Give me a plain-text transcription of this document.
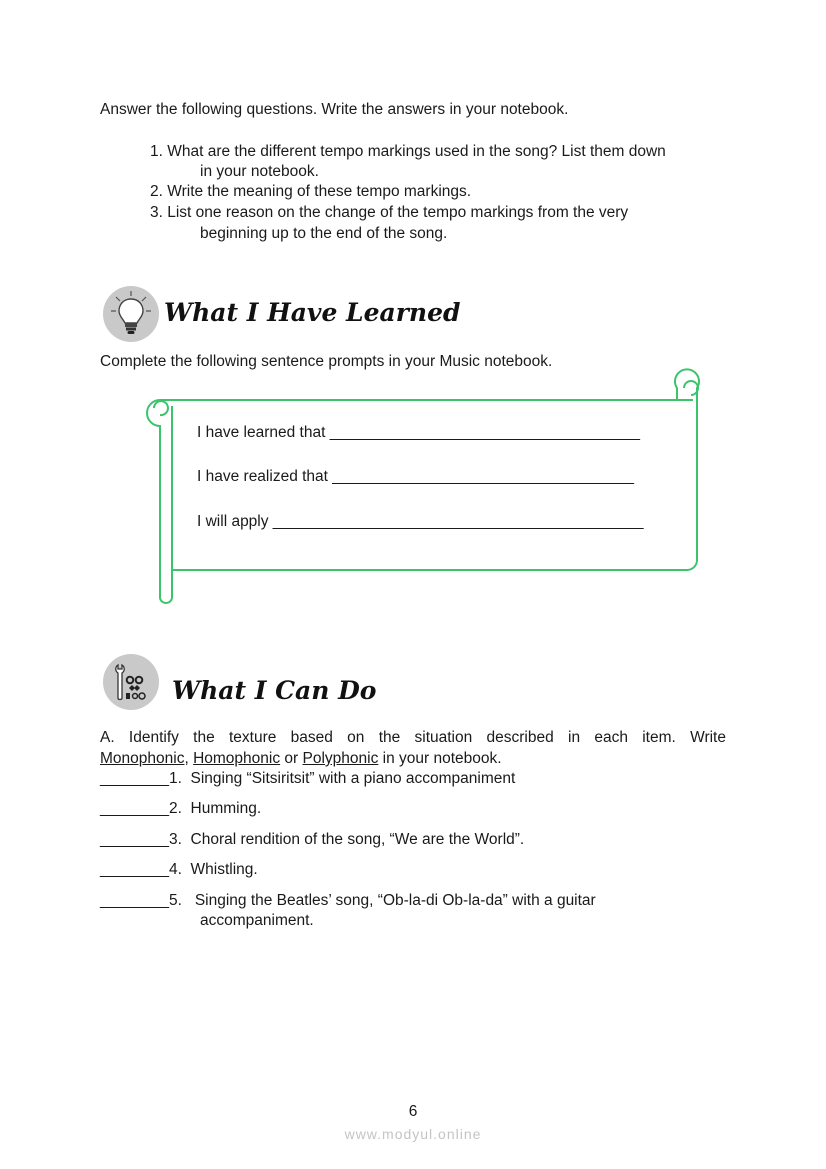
Answer the following questions. Write the answers in your notebook.
1. What are the different tempo markings used in the song? List them down
in your notebook.
2. Write the meaning of these tempo markings.
3. List one reason on the change of the tempo markings from the very
beginning up to the end of the song.
What I Have Learned
Complete the following sentence prompts in your Music notebook.
I have learned that ____________________________________
I have realized that ___________________________________
I will apply ___________________________________________
What I Can Do
A. Identify the texture based on the situation described in each item. Write
Monophonic, Homophonic or Polyphonic in your notebook.
________1. Singing “Sitsiritsit” with a piano accompaniment
________2. Humming.
________3. Choral rendition of the song, “We are the World”.
________4. Whistling.
________5. Singing the Beatles’ song, “Ob-la-di Ob-la-da” with a guitar
accompaniment.
6
www.modyul.online
